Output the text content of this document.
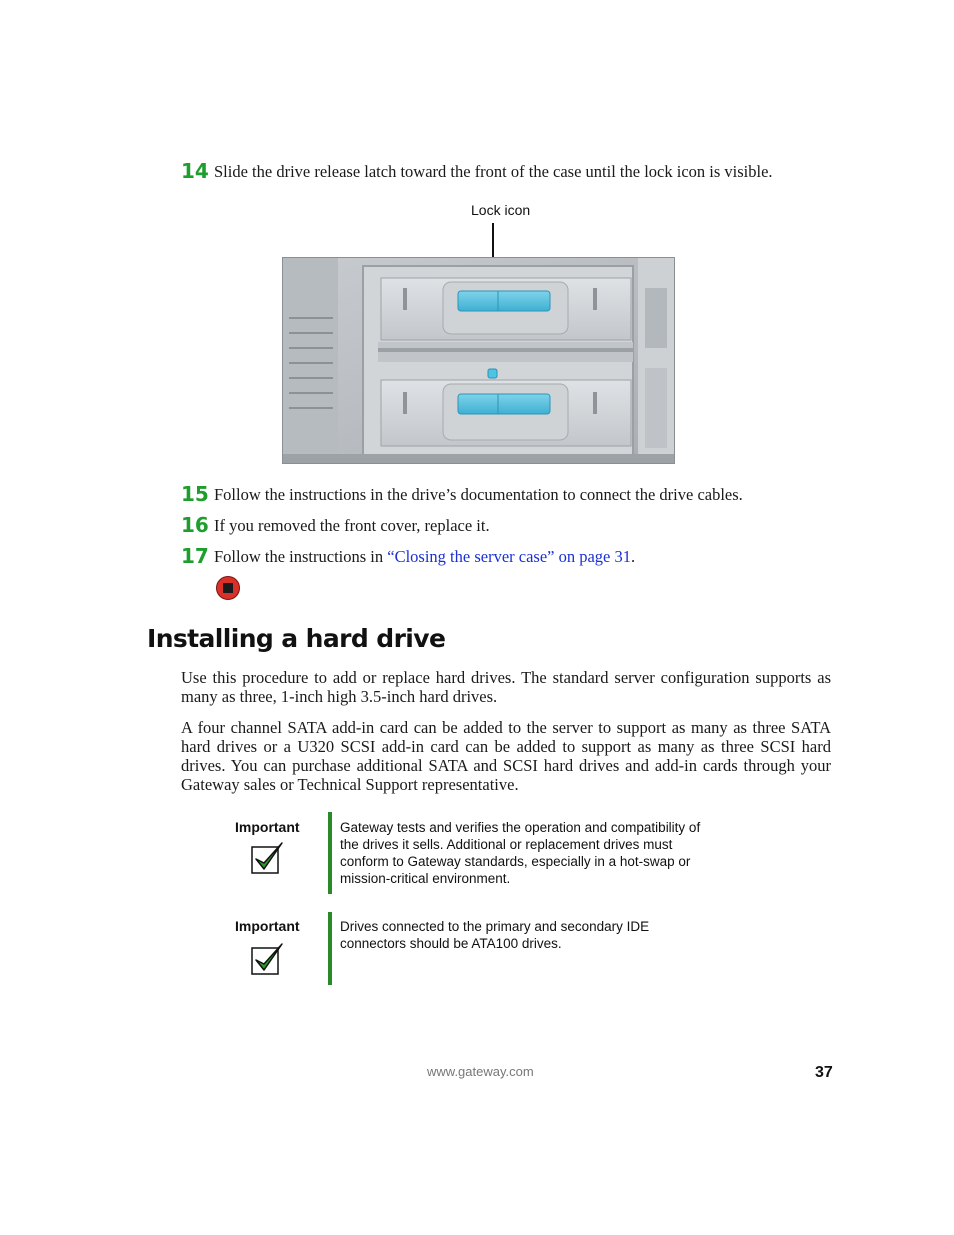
14 Slide the drive release latch toward the front of the case until the lock icon is visible.
Lock icon
15 Follow the instructions in the drive’s documentation to connect the drive cables.
16 If you removed the front cover, replace it.
17 Follow the instructions in “Closing the server case” on page 31.
Installing a hard drive

Use this procedure to add or replace hard drives. The standard server configuration supports as many as three, 1-inch high 3.5-inch hard drives.

A four channel SATA add-in card can be added to the server to support as many as three SATA hard drives or a U320 SCSI add-in card can be added to support as many as three SCSI hard drives. You can purchase additional SATA and SCSI hard drives and add-in cards through your Gateway sales or Technical Support representative.

Important	Gateway tests and verifies the operation and compatibility of the drives it sells. Additional or replacement drives must conform to Gateway standards, especially in a hot-swap or mission-critical environment.

Important	Drives connected to the primary and secondary IDE connectors should be ATA100 drives.

www.gateway.com	37
